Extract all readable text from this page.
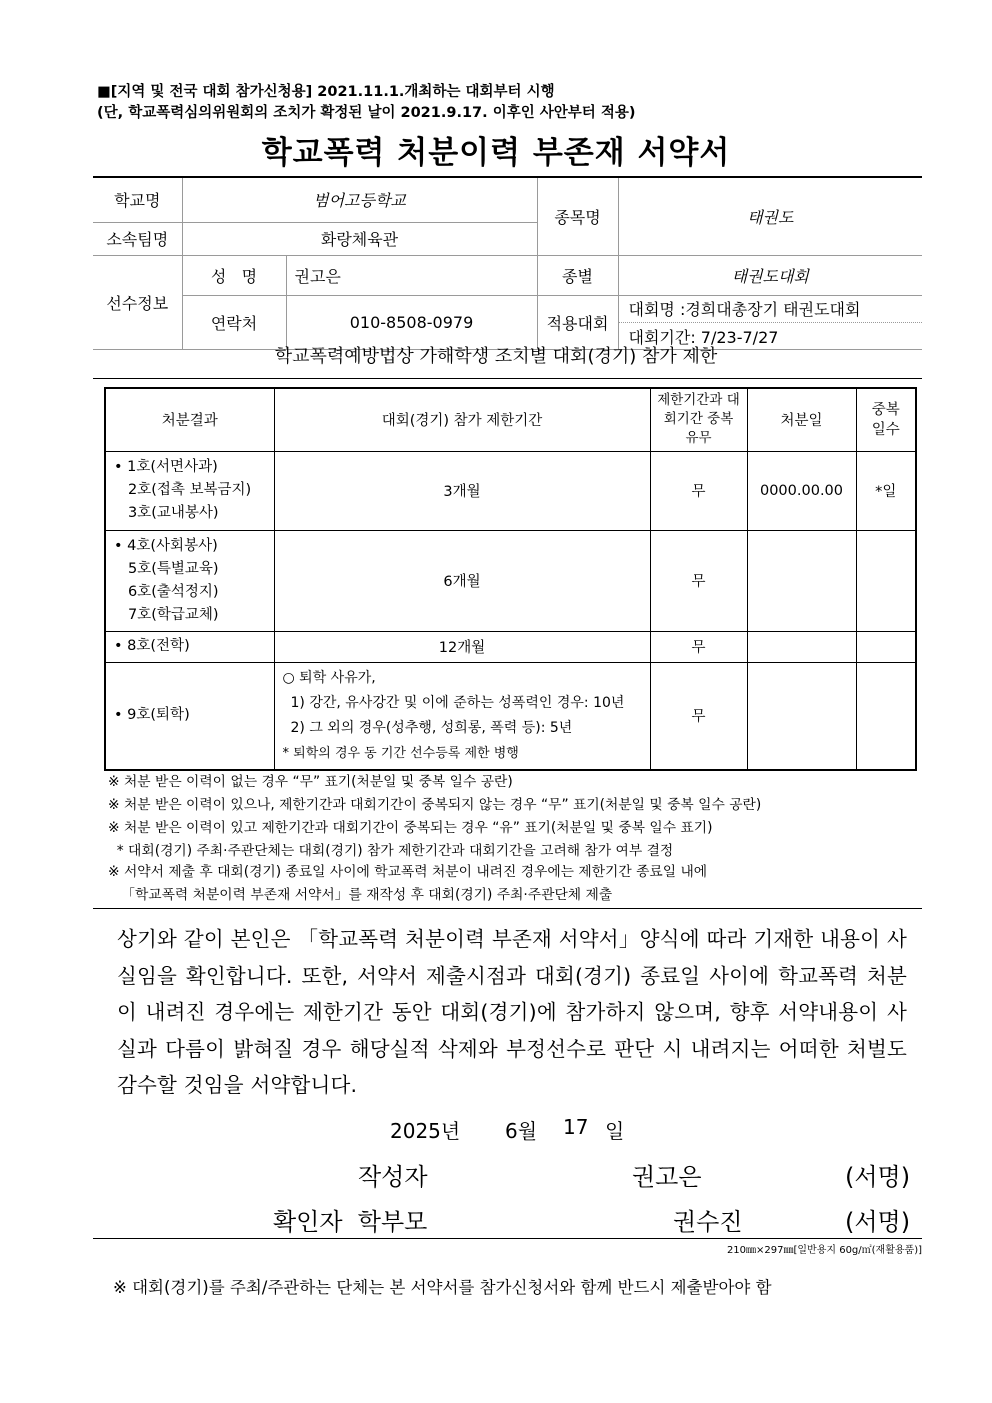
■[지역 및 전국 대회 참가신청용] 2021.11.1.개최하는 대회부터 시행
(단, 학교폭력심의위원회의 조치가 확정된 날이 2021.9.17. 이후인 사안부터 적용)
학교폭력 처분이력 부존재 서약서
학교명	범어고등학교		종목명	태권도
소속팀명	화랑체육관			
선수정보	성   명	권고은	종별	태권도대회
	연락처	010-8508-0979	적용대회	대회명 :경희대총장기 태권도대회
대회기간: 7/23-7/27
학교폭력예방법상 가해학생 조치별 대회(경기) 참가 제한
처분결과	대회(경기) 참가 제한기간	제한기간과 대회기간 중복 유무	처분일	중복 일수

• 1호(서면사과)
2호(접촉 보복금지)
3호(교내봉사)	3개월	무	0000.00.00	*일

• 4호(사회봉사)
5호(특별교육)
6호(출석정지)
7호(학급교체)	6개월	무		

• 8호(전학)	12개월	무		

• 9호(퇴학)	○ 퇴학 사유가,
1) 강간, 유사강간 및 이에 준하는 성폭력인 경우: 10년
2) 그 외의 경우(성추행, 성희롱, 폭력 등): 5년
* 퇴학의 경우 동 기간 선수등록 제한 병행	무		
※ 처분 받은 이력이 없는 경우 “무” 표기(처분일 및 중복 일수 공란)
※ 처분 받은 이력이 있으나, 제한기간과 대회기간이 중복되지 않는 경우 “무” 표기(처분일 및 중복 일수 공란)
※ 처분 받은 이력이 있고 제한기간과 대회기간이 중복되는 경우 “유” 표기(처분일 및 중복 일수 표기)
* 대회(경기) 주최·주관단체는 대회(경기) 참가 제한기간과 대회기간을 고려해 참가 여부 결정
※ 서약서 제출 후 대회(경기) 종료일 사이에 학교폭력 처분이 내려진 경우에는 제한기간 종료일 내에
「학교폭력 처분이력 부존재 서약서」를 재작성 후 대회(경기) 주최·주관단체 제출
상기와 같이 본인은 「학교폭력 처분이력 부존재 서약서」양식에 따라 기재한 내용이 사실임을 확인합니다. 또한, 서약서 제출시점과 대회(경기) 종료일 사이에 학교폭력 처분이 내려진 경우에는 제한기간 동안 대회(경기)에 참가하지 않으며, 향후 서약내용이 사실과 다름이 밝혀질 경우 해당실적 삭제와 부정선수로 판단 시 내려지는 어떠한 처벌도 감수할 것임을 서약합니다.
2025년 6월 17 일
작성자	권고은	(서명)
확인자  학부모	권수진	(서명)
210㎜×297㎜[일반용지 60g/㎡(재활용품)]
※ 대회(경기)를 주최/주관하는 단체는 본 서약서를 참가신청서와 함께 반드시 제출받아야 함
